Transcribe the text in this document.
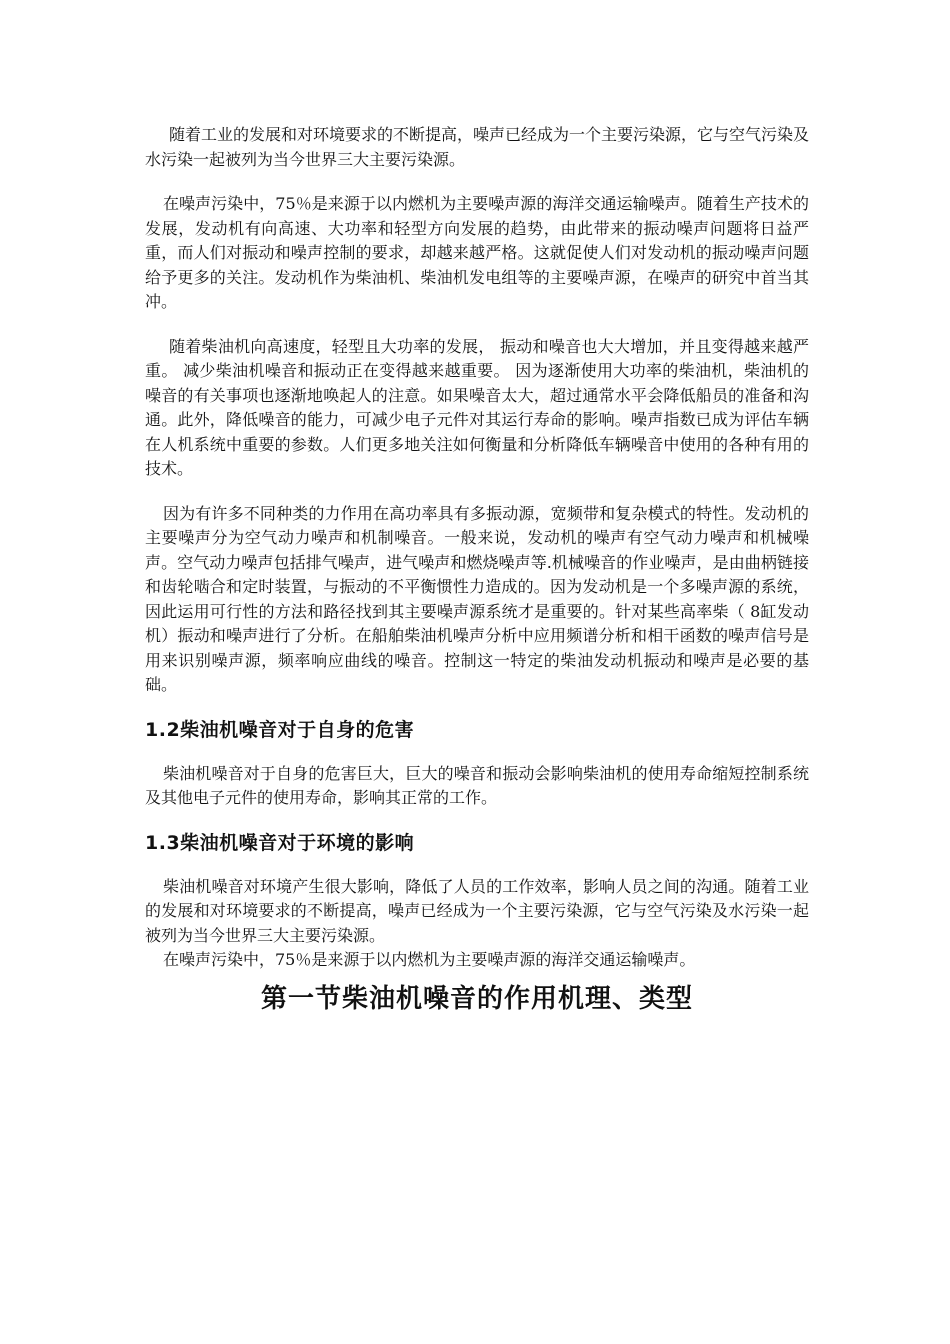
随着工业的发展和对环境要求的不断提高，噪声已经成为一个主要污染源，它与空气污染及水污染一起被列为当今世界三大主要污染源。

在噪声污染中，75％是来源于以内燃机为主要噪声源的海洋交通运输噪声。随着生产技术的发展，发动机有向高速、大功率和轻型方向发展的趋势，由此带来的振动噪声问题将日益严重，而人们对振动和噪声控制的要求，却越来越严格。这就促使人们对发动机的振动噪声问题给予更多的关注。发动机作为柴油机、柴油机发电组等的主要噪声源，在噪声的研究中首当其冲。

随着柴油机向高速度，轻型且大功率的发展， 振动和噪音也大大增加，并且变得越来越严重。 减少柴油机噪音和振动正在变得越来越重要。 因为逐渐使用大功率的柴油机，柴油机的噪音的有关事项也逐渐地唤起人的注意。如果噪音太大，超过通常水平会降低船员的准备和沟通。此外，降低噪音的能力，可减少电子元件对其运行寿命的影响。噪声指数已成为评估车辆在人机系统中重要的参数。人们更多地关注如何衡量和分析降低车辆噪音中使用的各种有用的技术。

因为有许多不同种类的力作用在高功率具有多振动源，宽频带和复杂模式的特性。发动机的主要噪声分为空气动力噪声和机制噪音。一般来说，发动机的噪声有空气动力噪声和机械噪声。空气动力噪声包括排气噪声，进气噪声和燃烧噪声等.机械噪音的作业噪声，是由曲柄链接和齿轮啮合和定时装置，与振动的不平衡惯性力造成的。因为发动机是一个多噪声源的系统，因此运用可行性的方法和路径找到其主要噪声源系统才是重要的。针对某些高率柴（ 8缸发动机）振动和噪声进行了分析。在船舶柴油机噪声分析中应用频谱分析和相干函数的噪声信号是用来识别噪声源，频率响应曲线的噪音。控制这一特定的柴油发动机振动和噪声是必要的基础。

1.2柴油机噪音对于自身的危害

柴油机噪音对于自身的危害巨大，巨大的噪音和振动会影响柴油机的使用寿命缩短控制系统及其他电子元件的使用寿命，影响其正常的工作。

1.3柴油机噪音对于环境的影响

柴油机噪音对环境产生很大影响，降低了人员的工作效率，影响人员之间的沟通。随着工业的发展和对环境要求的不断提高，噪声已经成为一个主要污染源，它与空气污染及水污染一起被列为当今世界三大主要污染源。

在噪声污染中，75％是来源于以内燃机为主要噪声源的海洋交通运输噪声。

第一节柴油机噪音的作用机理、类型
